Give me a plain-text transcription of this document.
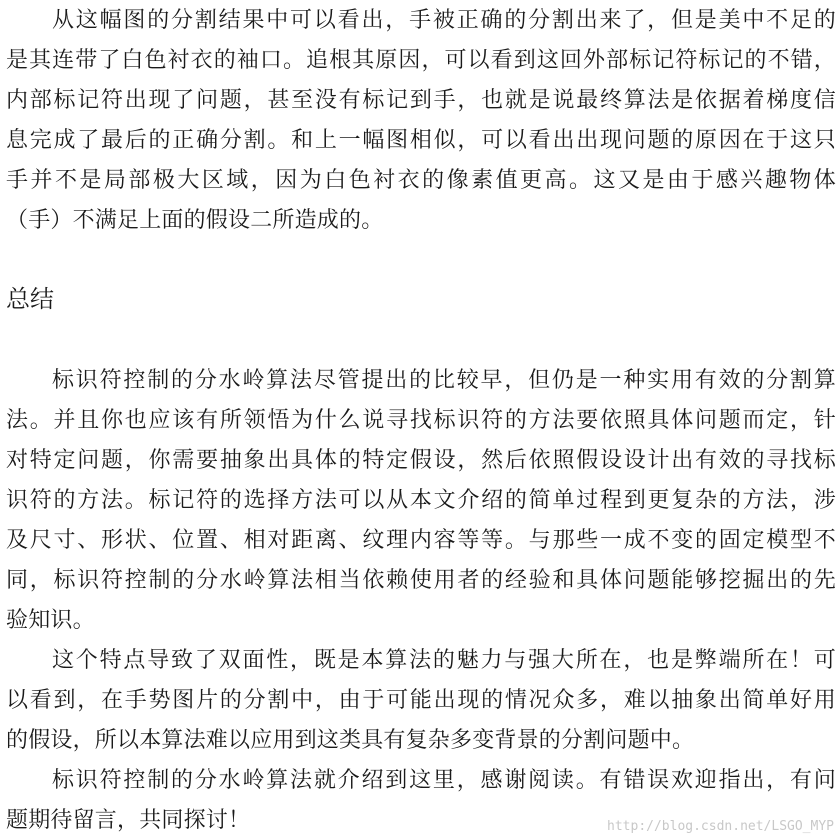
从这幅图的分割结果中可以看出，手被正确的分割出来了，但是美中不足的
是其连带了白色衬衣的袖口。追根其原因，可以看到这回外部标记符标记的不错，
内部标记符出现了问题，甚至没有标记到手，也就是说最终算法是依据着梯度信
息完成了最后的正确分割。和上一幅图相似，可以看出出现问题的原因在于这只
手并不是局部极大区域，因为白色衬衣的像素值更高。这又是由于感兴趣物体
（手）不满足上面的假设二所造成的。
总结
标识符控制的分水岭算法尽管提出的比较早，但仍是一种实用有效的分割算
法。并且你也应该有所领悟为什么说寻找标识符的方法要依照具体问题而定，针
对特定问题，你需要抽象出具体的特定假设，然后依照假设设计出有效的寻找标
识符的方法。标记符的选择方法可以从本文介绍的简单过程到更复杂的方法，涉
及尺寸、形状、位置、相对距离、纹理内容等等。与那些一成不变的固定模型不
同，标识符控制的分水岭算法相当依赖使用者的经验和具体问题能够挖掘出的先
验知识。
这个特点导致了双面性，既是本算法的魅力与强大所在，也是弊端所在！可
以看到，在手势图片的分割中，由于可能出现的情况众多，难以抽象出简单好用
的假设，所以本算法难以应用到这类具有复杂多变背景的分割问题中。
标识符控制的分水岭算法就介绍到这里，感谢阅读。有错误欢迎指出，有问
题期待留言，共同探讨！	http://blog.csdn.net/LSGO_MYP
